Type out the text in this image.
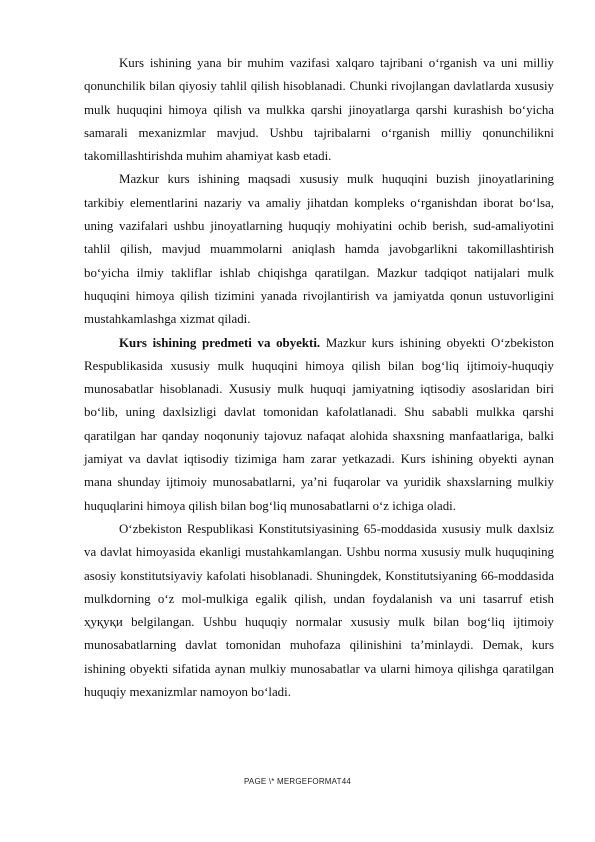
Kurs ishining yana bir muhim vazifasi xalqaro tajribani oʻrganish va uni milliy qonunchilik bilan qiyosiy tahlil qilish hisoblanadi. Chunki rivojlangan davlatlarda xususiy mulk huquqini himoya qilish va mulkka qarshi jinoyatlarga qarshi kurashish boʻyicha samarali mexanizmlar mavjud. Ushbu tajribalarni oʻrganish milliy qonunchilikni takomillashtirishda muhim ahamiyat kasb etadi.

Mazkur kurs ishining maqsadi xususiy mulk huquqini buzish jinoyatlarining tarkibiy elementlarini nazariy va amaliy jihatdan kompleks oʻrganishdan iborat boʻlsa, uning vazifalari ushbu jinoyatlarning huquqiy mohiyatini ochib berish, sud-amaliyotini tahlil qilish, mavjud muammolarni aniqlash hamda javobgarlikni takomillashtirish boʻyicha ilmiy takliflar ishlab chiqishga qaratilgan. Mazkur tadqiqot natijalari mulk huquqini himoya qilish tizimini yanada rivojlantirish va jamiyatda qonun ustuvorligini mustahkamlashga xizmat qiladi.

Kurs ishining predmeti va obyekti. Mazkur kurs ishining obyekti Oʻzbekiston Respublikasida xususiy mulk huquqini himoya qilish bilan bogʻliq ijtimoiy-huquqiy munosabatlar hisoblanadi. Xususiy mulk huquqi jamiyatning iqtisodiy asoslaridan biri boʻlib, uning daxlsizligi davlat tomonidan kafolatlanadi. Shu sababli mulkka qarshi qaratilgan har qanday noqonuniy tajovuz nafaqat alohida shaxsning manfaatlariga, balki jamiyat va davlat iqtisodiy tizimiga ham zarar yetkazadi. Kurs ishining obyekti aynan mana shunday ijtimoiy munosabatlarni, yaʼni fuqarolar va yuridik shaxslarning mulkiy huquqlarini himoya qilish bilan bogʻliq munosabatlarni oʻz ichiga oladi.

Oʻzbekiston Respublikasi Konstitutsiyasining 65-moddasida xususiy mulk daxlsiz va davlat himoyasida ekanligi mustahkamlangan. Ushbu norma xususiy mulk huquqining asosiy konstitutsiyaviy kafolati hisoblanadi. Shuningdek, Konstitutsiyaning 66-moddasida mulkdorning oʻz mol-mulkiga egalik qilish, undan foydalanish va uni tasarruf etish ҳуқуқи belgilangan. Ushbu huquqiy normalar xususiy mulk bilan bogʻliq ijtimoiy munosabatlarning davlat tomonidan muhofaza qilinishini taʼminlaydi. Demak, kurs ishining obyekti sifatida aynan mulkiy munosabatlar va ularni himoya qilishga qaratilgan huquqiy mexanizmlar namoyon boʻladi.

PAGE \* MERGEFORMAT44
